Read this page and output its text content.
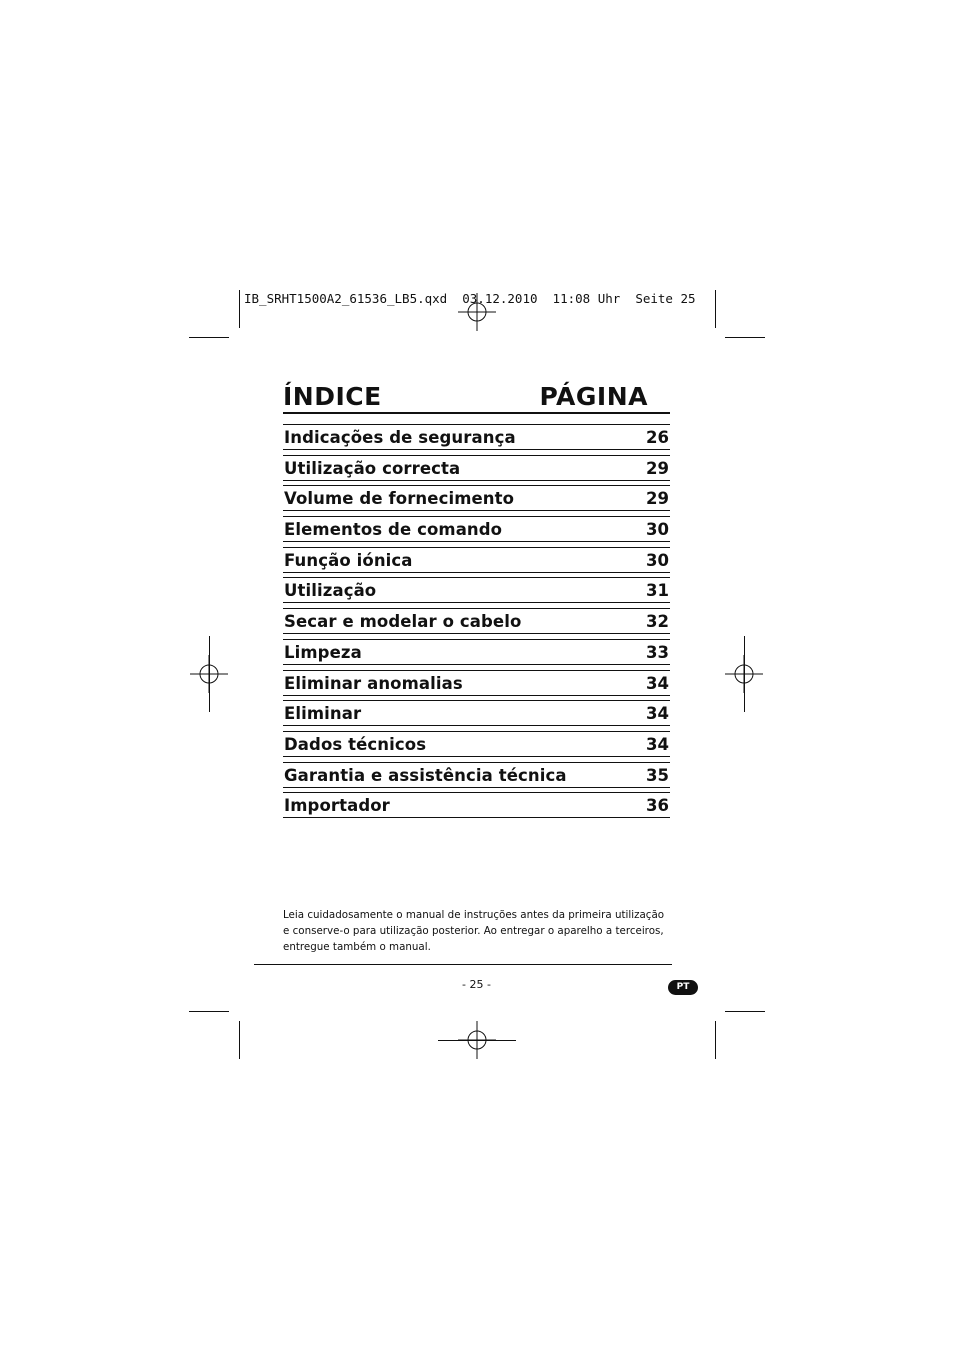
IB_SRHT1500A2_61536_LB5.qxd  03.12.2010  11:08 Uhr  Seite 25
ÍNDICE	PÁGINA
Indicações de segurança	26
Utilização correcta	29
Volume de fornecimento	29
Elementos de comando	30
Função iónica	30
Utilização	31
Secar e modelar o cabelo	32
Limpeza	33
Eliminar anomalias	34
Eliminar	34
Dados técnicos	34
Garantia e assistência técnica	35
Importador	36
Leia cuidadosamente o manual de instruções antes da primeira utilização e conserve-o para utilização posterior. Ao entregar o aparelho a terceiros, entregue também o manual.
- 25 -	PT
